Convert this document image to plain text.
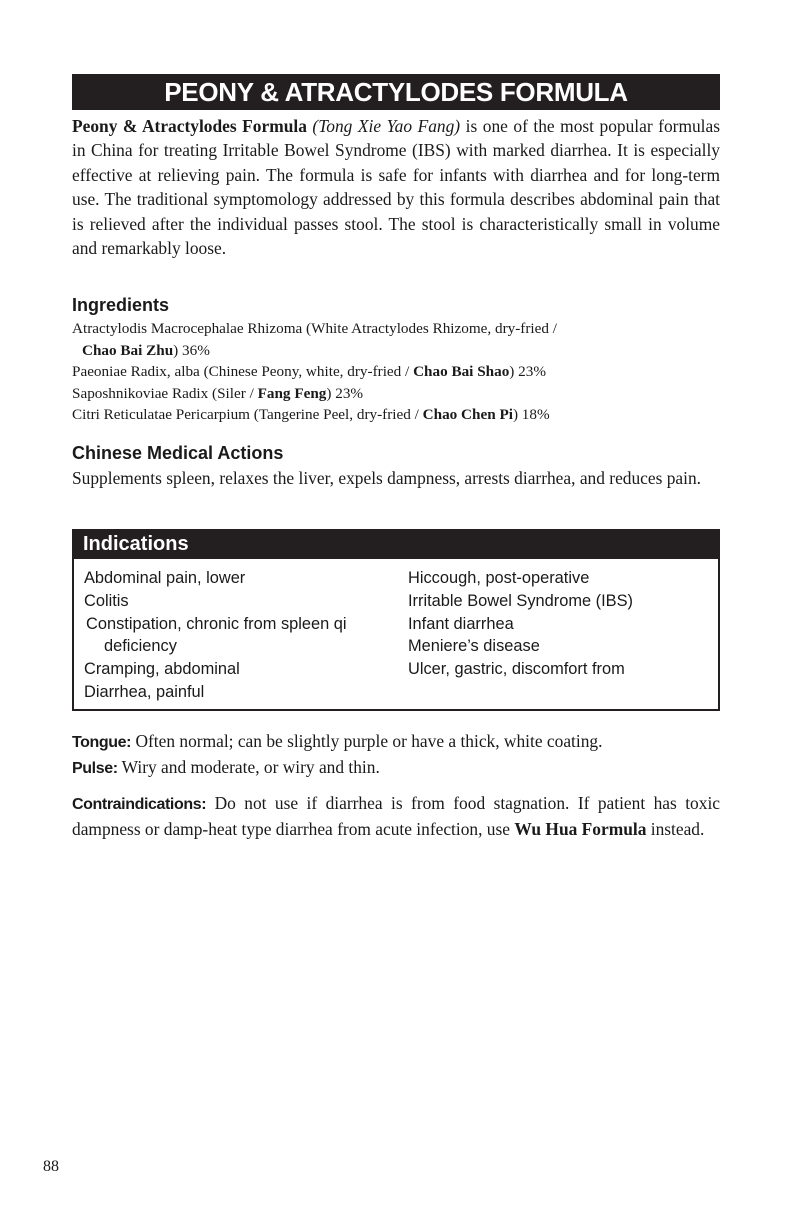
PEONY & ATRACTYLODES FORMULA

Peony & Atractylodes Formula (Tong Xie Yao Fang) is one of the most popular formulas in China for treating Irritable Bowel Syndrome (IBS) with marked diarrhea. It is especially effective at relieving pain. The formula is safe for infants with diarrhea and for long-term use. The traditional symptomology addressed by this formula describes abdominal pain that is relieved after the individual passes stool. The stool is characteristically small in volume and remarkably loose.

Ingredients
Atractylodis Macrocephalae Rhizoma (White Atractylodes Rhizome, dry-fried /
Chao Bai Zhu) 36%
Paeoniae Radix, alba (Chinese Peony, white, dry-fried / Chao Bai Shao) 23%
Saposhnikoviae Radix (Siler / Fang Feng) 23%
Citri Reticulatae Pericarpium (Tangerine Peel, dry-fried / Chao Chen Pi) 18%
Chinese Medical Actions

Supplements spleen, relaxes the liver, expels dampness, arrests diarrhea, and reduces pain.

Indications
Abdominal pain, lower
Colitis
Constipation, chronic from spleen qi
deficiency
Cramping, abdominal
Diarrhea, painful
Hiccough, post-operative
Irritable Bowel Syndrome (IBS)
Infant diarrhea
Meniere’s disease
Ulcer, gastric, discomfort from

Tongue: Often normal; can be slightly purple or have a thick, white coating.
Pulse: Wiry and moderate, or wiry and thin.

Contraindications: Do not use if diarrhea is from food stagnation. If patient has toxic dampness or damp-heat type diarrhea from acute infection, use Wu Hua Formula instead.

88
